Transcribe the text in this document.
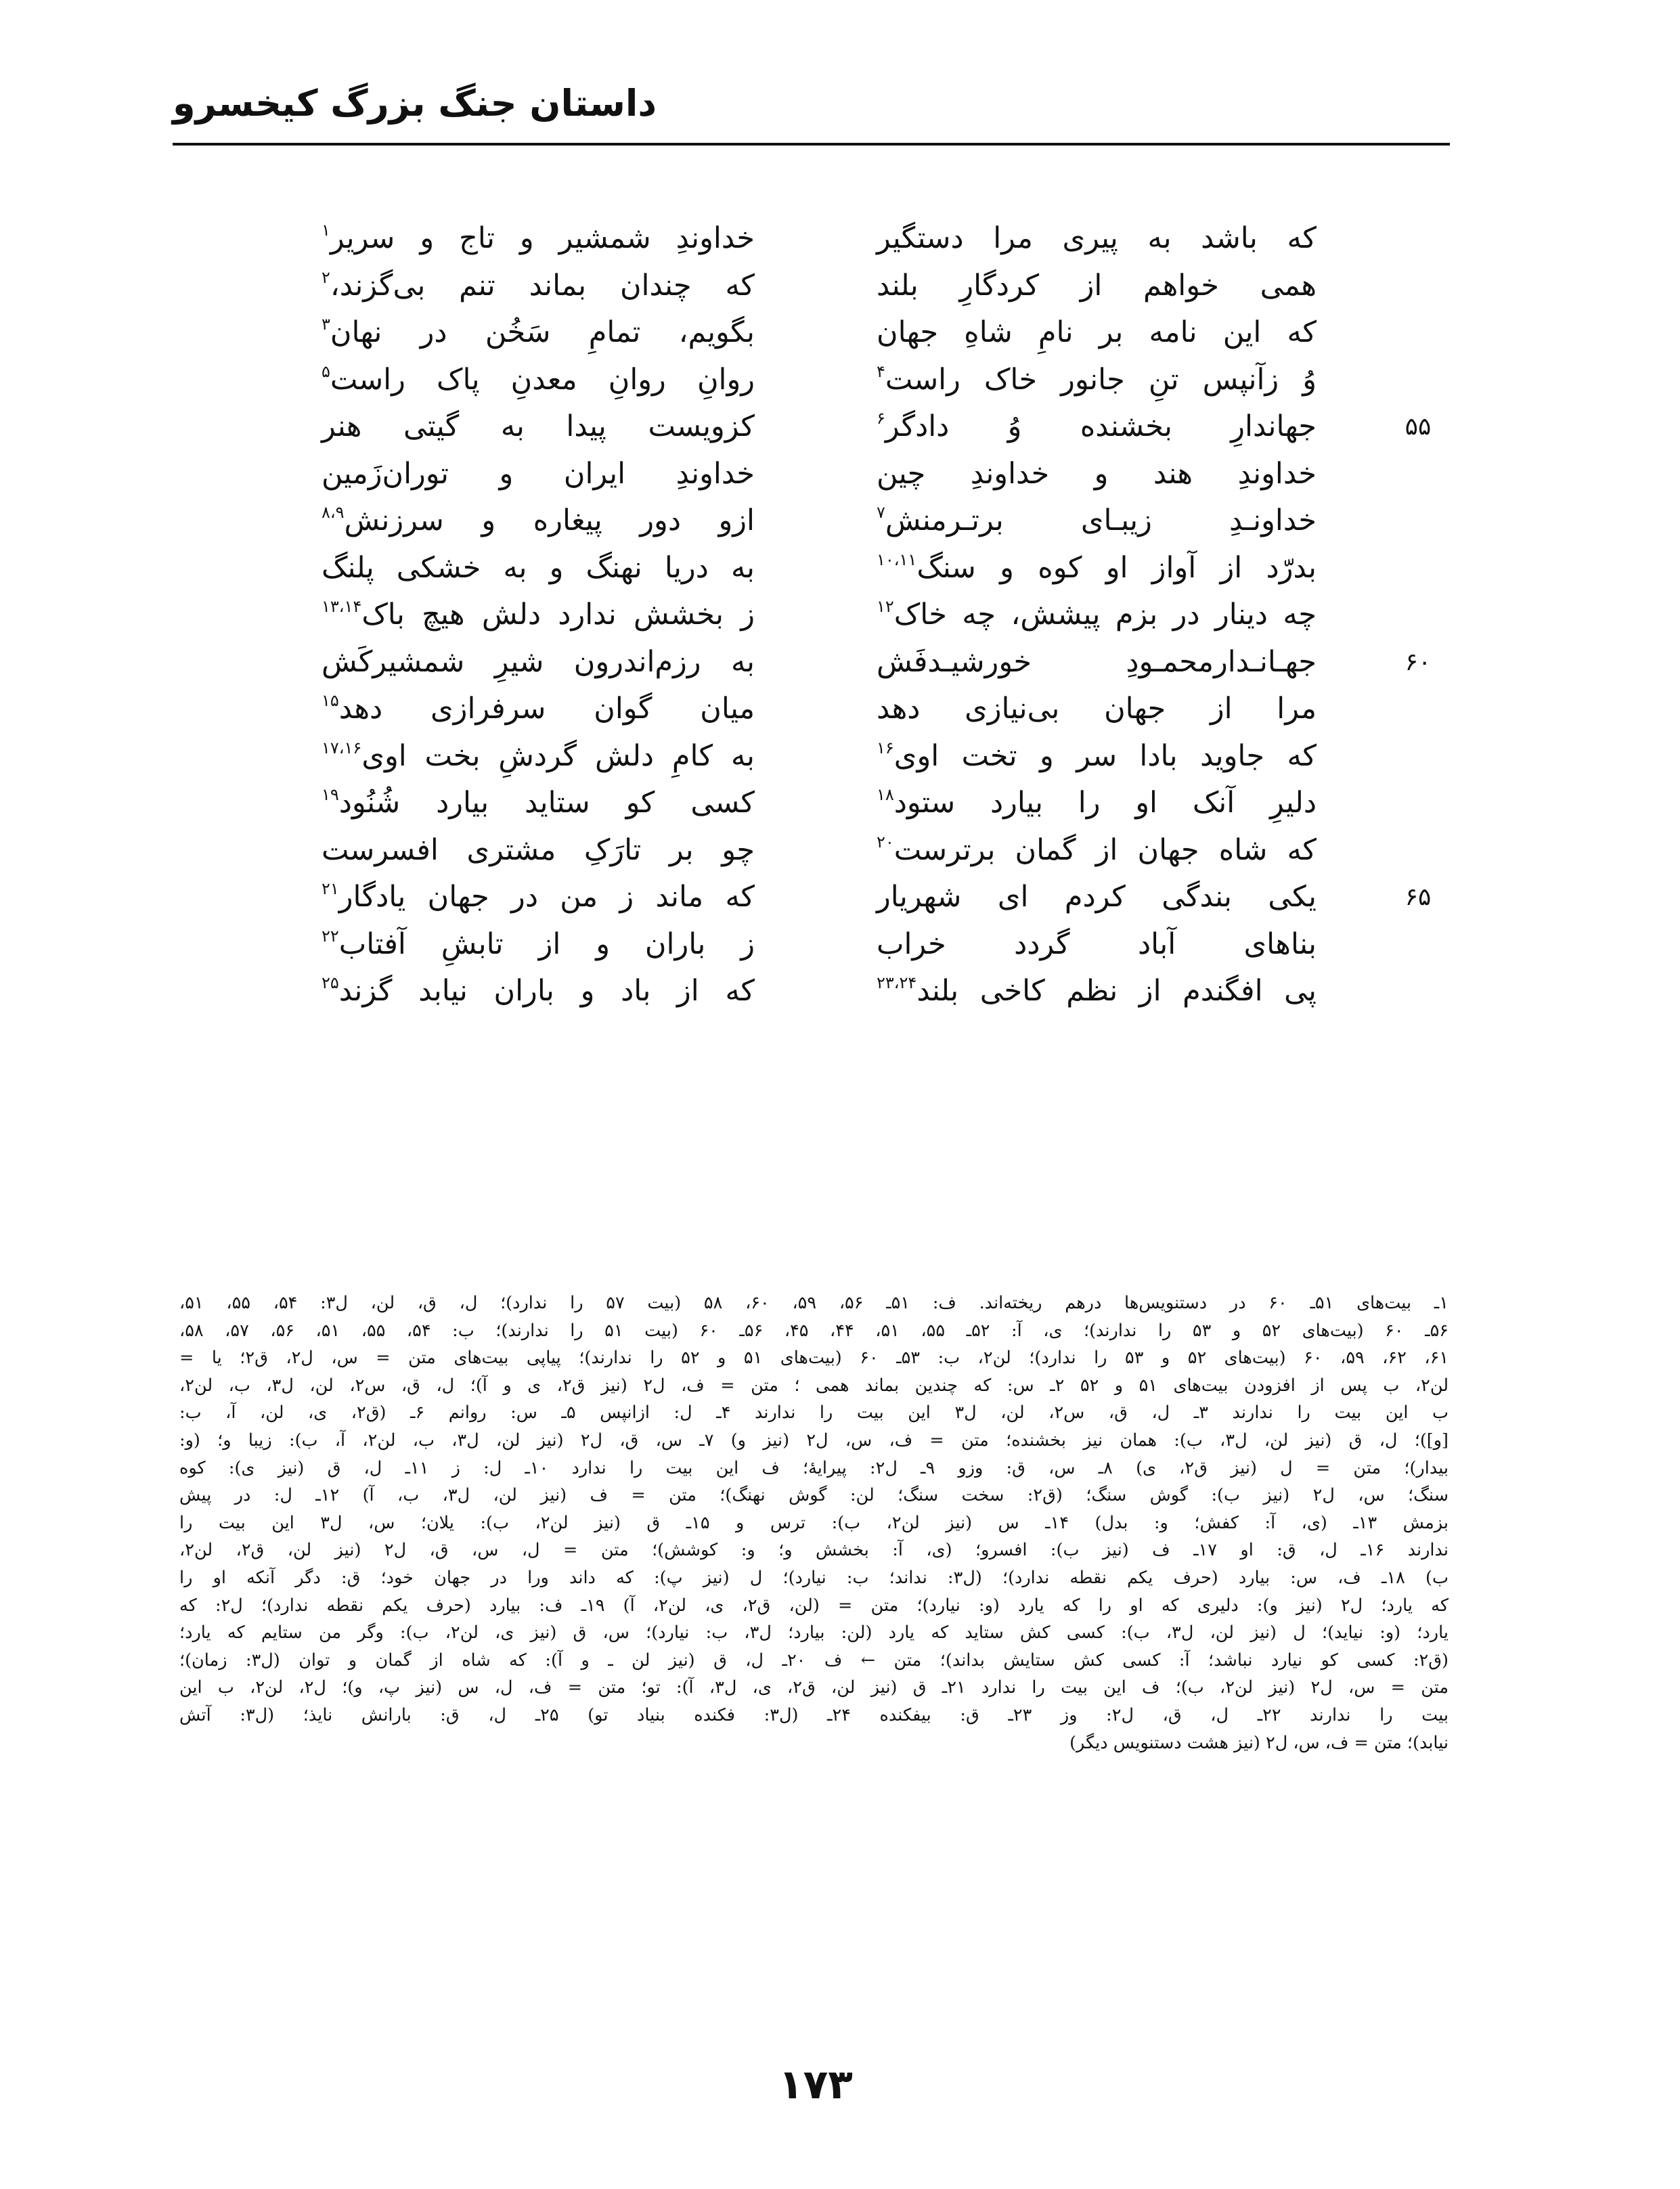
داستان جنگ بزرگ کیخسرو
که باشد به پیری مرا دستگیر
خداوندِ شمشیر و تاج و سریر$^۱$
همی خواهم از کردگارِ بلند
که چندان بماند تنم بی‌گزند،$^۲$
که این نامه بر نامِ شاهِ جهان
بگویم، تمامِ سَخُن در نهان$^۳$
وُ زآنپس تنِ جانور خاک راست$^۴$
روانِ روانِ معدنِ پاک راست$^۵$
۵۵
جهاندارِ بخشنده وُ دادگر$^۶$
کزویست پیدا به گیتی هنر
خداوندِ هند و خداوندِ چین
خداوندِ ایران و توران‌زَمین
خداونـدِ زیبـای برتـرمنش$^۷$
ازو دور پیغاره و سرزنش$^{۸،۹}$
بدرّد از آواز او کوه و سنگ$^{۱۰،۱۱}$
به دریا نهنگ و به خشکی پلنگ
چه دینار در بزم پیشش، چه خاک$^{۱۲}$
ز بخشش ندارد دلش هیچ باک$^{۱۳،۱۴}$
۶۰
جهـانـدارمحمـودِ خورشیـدفَش
به رزم‌اندرون شیرِ شمشیرکَش
مرا از جهان بی‌نیازی دهد
میان گوان سرفرازی دهد$^{۱۵}$
که جاوید بادا سر و تخت اوی$^{۱۶}$
به کامِ دلش گردشِ بخت اوی$^{۱۷،۱۶}$
دلیرِ آنک او را بیارد ستود$^{۱۸}$
کسی کو ستاید بیارد شُنُود$^{۱۹}$
که شاه جهان از گمان برترست$^{۲۰}$
چو بر تارَکِ مشتری افسرست
۶۵
یکی بندگی کردم ای شهریار
که ماند ز من در جهان یادگار$^{۲۱}$
بناهای آباد گردد خراب
ز باران و از تابشِ آفتاب$^{۲۲}$
پی افگندم از نظم کاخی بلند$^{۲۳،۲۴}$
که از باد و باران نیابد گزند$^{۲۵}$
۱ـ بیت‌های ۵۱ـ ۶۰ در دستنویس‌ها درهم ریخته‌اند. ف: ۵۱ـ ۵۶، ۵۹، ۶۰، ۵۸ (بیت ۵۷ را ندارد)؛ ل، ق، لن، ل۳: ۵۴، ۵۵، ۵۱،
۵۶ـ ۶۰ (بیت‌های ۵۲ و ۵۳ را ندارند)؛ ی، آ: ۵۲ـ ۵۵، ۵۱، ۴۴، ۴۵، ۵۶ـ ۶۰ (بیت ۵۱ را ندارند)؛ ب: ۵۴، ۵۵، ۵۱، ۵۶، ۵۷، ۵۸،
۶۱، ۶۲، ۵۹، ۶۰ (بیت‌های ۵۲ و ۵۳ را ندارد)؛ لن۲، ب: ۵۳ـ ۶۰ (بیت‌های ۵۱ و ۵۲ را ندارند)؛ پیاپی بیت‌های متن = س، ل۲، ق۲؛ یا =
لن۲، ب پس از افزودن بیت‌های ۵۱ و ۵۲ ۲ـ س: که چندین بماند همی ؛ متن = ف، ل۲ (نیز ق۲، ی و آ)؛ ل، ق، س۲، لن، ل۳، ب، لن۲،
ب این بیت را ندارند ۳ـ ل، ق، س۲، لن، ل۳ این بیت را ندارند ۴ـ ل: ازانپس ۵ـ س: روانم ۶ـ (ق۲، ی، لن، آ، ب:
[و])؛ ل، ق (نیز لن، ل۳، ب): همان نیز بخشنده؛ متن = ف، س، ل۲ (نیز و) ۷ـ س، ق، ل۲ (نیز لن، ل۳، ب، لن۲، آ، ب): زیبا و؛ (و:
بیدار)؛ متن = ل (نیز ق۲، ی) ۸ـ س، ق: وزو ۹ـ ل۲: پیرایهٔ؛ ف این بیت را ندارد ۱۰ـ ل: ز ۱۱ـ ل، ق (نیز ی): کوه
سنگ؛ س، ل۲ (نیز ب): گوش سنگ؛ (ق۲: سخت سنگ؛ لن: گوش نهنگ)؛ متن = ف (نیز لن، ل۳، ب، آ) ۱۲ـ ل: در پیش
بزمش ۱۳ـ (ی، آ: کفش؛ و: بدل) ۱۴ـ س (نیز لن۲، ب): ترس و ۱۵ـ ق (نیز لن۲، ب): یلان؛ س، ل۳ این بیت را
ندارند ۱۶ـ ل، ق: او ۱۷ـ ف (نیز ب): افسرو؛ (ی، آ: بخشش و؛ و: کوشش)؛ متن = ل، س، ق، ل۲ (نیز لن، ق۲، لن۲،
ب) ۱۸ـ ف، س: بیارد (حرف یکم نقطه ندارد)؛ (ل۳: نداند؛ ب: نیارد)؛ ل (نیز پ): که داند ورا در جهان خود؛ ق: دگر آنکه او را
که یارد؛ ل۲ (نیز و): دلیری که او را که یارد (و: نیارد)؛ متن = (لن، ق۲، ی، لن۲، آ) ۱۹ـ ف: بیارد (حرف یکم نقطه ندارد)؛ ل۲: که
یارد؛ (و: نیاید)؛ ل (نیز لن، ل۳، ب): کسی کش ستاید که یارد (لن: بیارد؛ ل۳، ب: نیارد)؛ س، ق (نیز ی، لن۲، ب): وگر من ستایم که یارد؛
(ق۲: کسی کو نیارد نباشد؛ آ: کسی کش ستایش بداند)؛ متن ← ف ۲۰ـ ل، ق (نیز لن ـ و آ): که شاه از گمان و توان (ل۳: زمان)؛
متن = س، ل۲ (نیز لن۲، ب)؛ ف این بیت را ندارد ۲۱ـ ق (نیز لن، ق۲، ی، ل۳، آ): تو؛ متن = ف، ل، س (نیز پ، و)؛ ل۲، لن۲، ب این
بیت را ندارند ۲۲ـ ل، ق، ل۲: وز ۲۳ـ ق: بیفکنده ۲۴ـ (ل۳: فکنده بنیاد تو) ۲۵ـ ل، ق: بارانش نایذ؛ (ل۳: آتش
نیابد)؛ متن = ف، س، ل۲ (نیز هشت دستنویس دیگر)
۱۷۳
